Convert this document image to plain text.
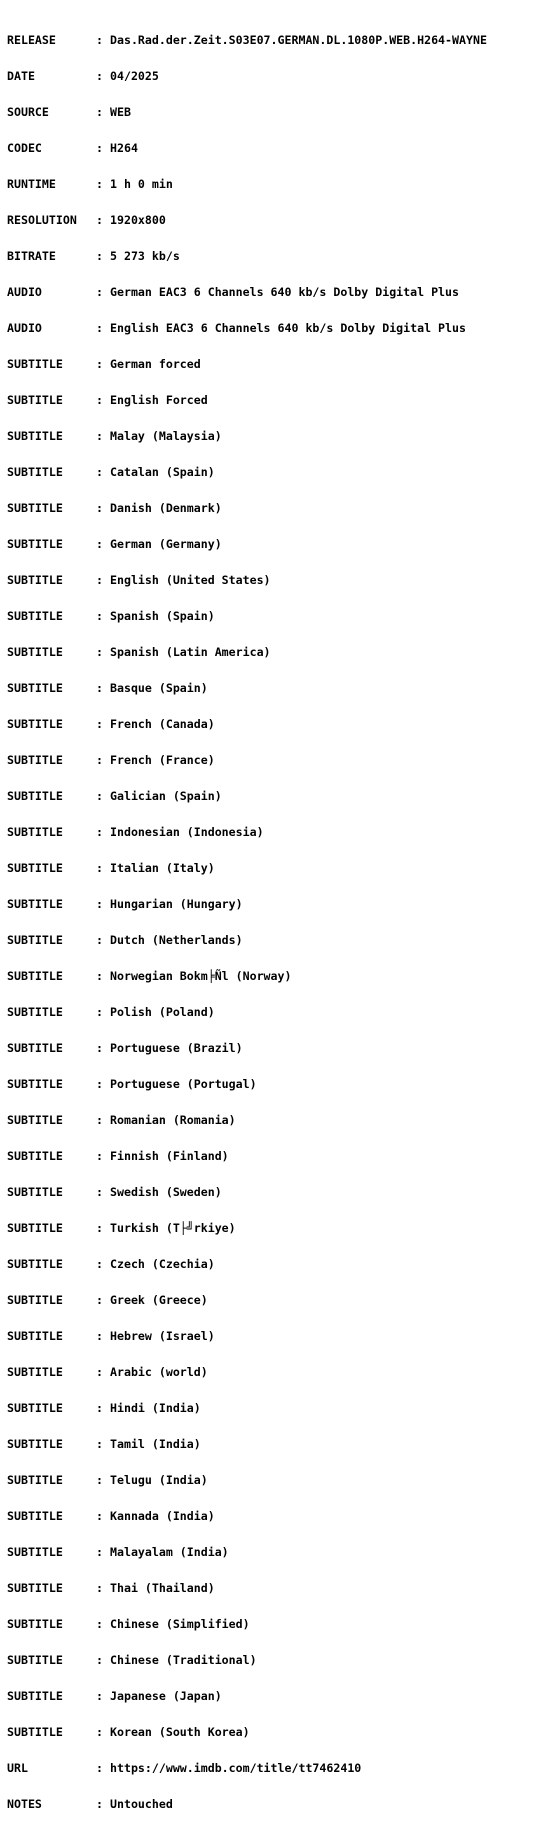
RELEASE	: Das.Rad.der.Zeit.S03E07.GERMAN.DL.1080P.WEB.H264-WAYNE

DATE	: 04/2025

SOURCE	: WEB

CODEC	: H264

RUNTIME	: 1 h 0 min

RESOLUTION : 1920x800

BITRATE	: 5 273 kb/s

AUDIO	: German EAC3 6 Channels 640 kb/s Dolby Digital Plus

AUDIO	: English EAC3 6 Channels 640 kb/s Dolby Digital Plus

SUBTITLE	: German forced

SUBTITLE	: English Forced

SUBTITLE	: Malay (Malaysia)

SUBTITLE	: Catalan (Spain)

SUBTITLE	: Danish (Denmark)

SUBTITLE	: German (Germany)

SUBTITLE	: English (United States)

SUBTITLE	: Spanish (Spain)

SUBTITLE	: Spanish (Latin America)

SUBTITLE	: Basque (Spain)

SUBTITLE	: French (Canada)

SUBTITLE	: French (France)

SUBTITLE	: Galician (Spain)

SUBTITLE	: Indonesian (Indonesia)

SUBTITLE	: Italian (Italy)

SUBTITLE	: Hungarian (Hungary)

SUBTITLE	: Dutch (Netherlands)

SUBTITLE	: Norwegian Bokm╞Ñl (Norway)

SUBTITLE	: Polish (Poland)

SUBTITLE	: Portuguese (Brazil)

SUBTITLE	: Portuguese (Portugal)

SUBTITLE	: Romanian (Romania)

SUBTITLE	: Finnish (Finland)

SUBTITLE	: Swedish (Sweden)

SUBTITLE	: Turkish (T├╝rkiye)

SUBTITLE	: Czech (Czechia)

SUBTITLE	: Greek (Greece)

SUBTITLE	: Hebrew (Israel)

SUBTITLE	: Arabic (world)

SUBTITLE	: Hindi (India)

SUBTITLE	: Tamil (India)

SUBTITLE	: Telugu (India)

SUBTITLE	: Kannada (India)

SUBTITLE	: Malayalam (India)

SUBTITLE	: Thai (Thailand)

SUBTITLE	: Chinese (Simplified)

SUBTITLE	: Chinese (Traditional)

SUBTITLE	: Japanese (Japan)

SUBTITLE	: Korean (South Korea)

URL	: https://www.imdb.com/title/tt7462410

NOTES	: Untouched
